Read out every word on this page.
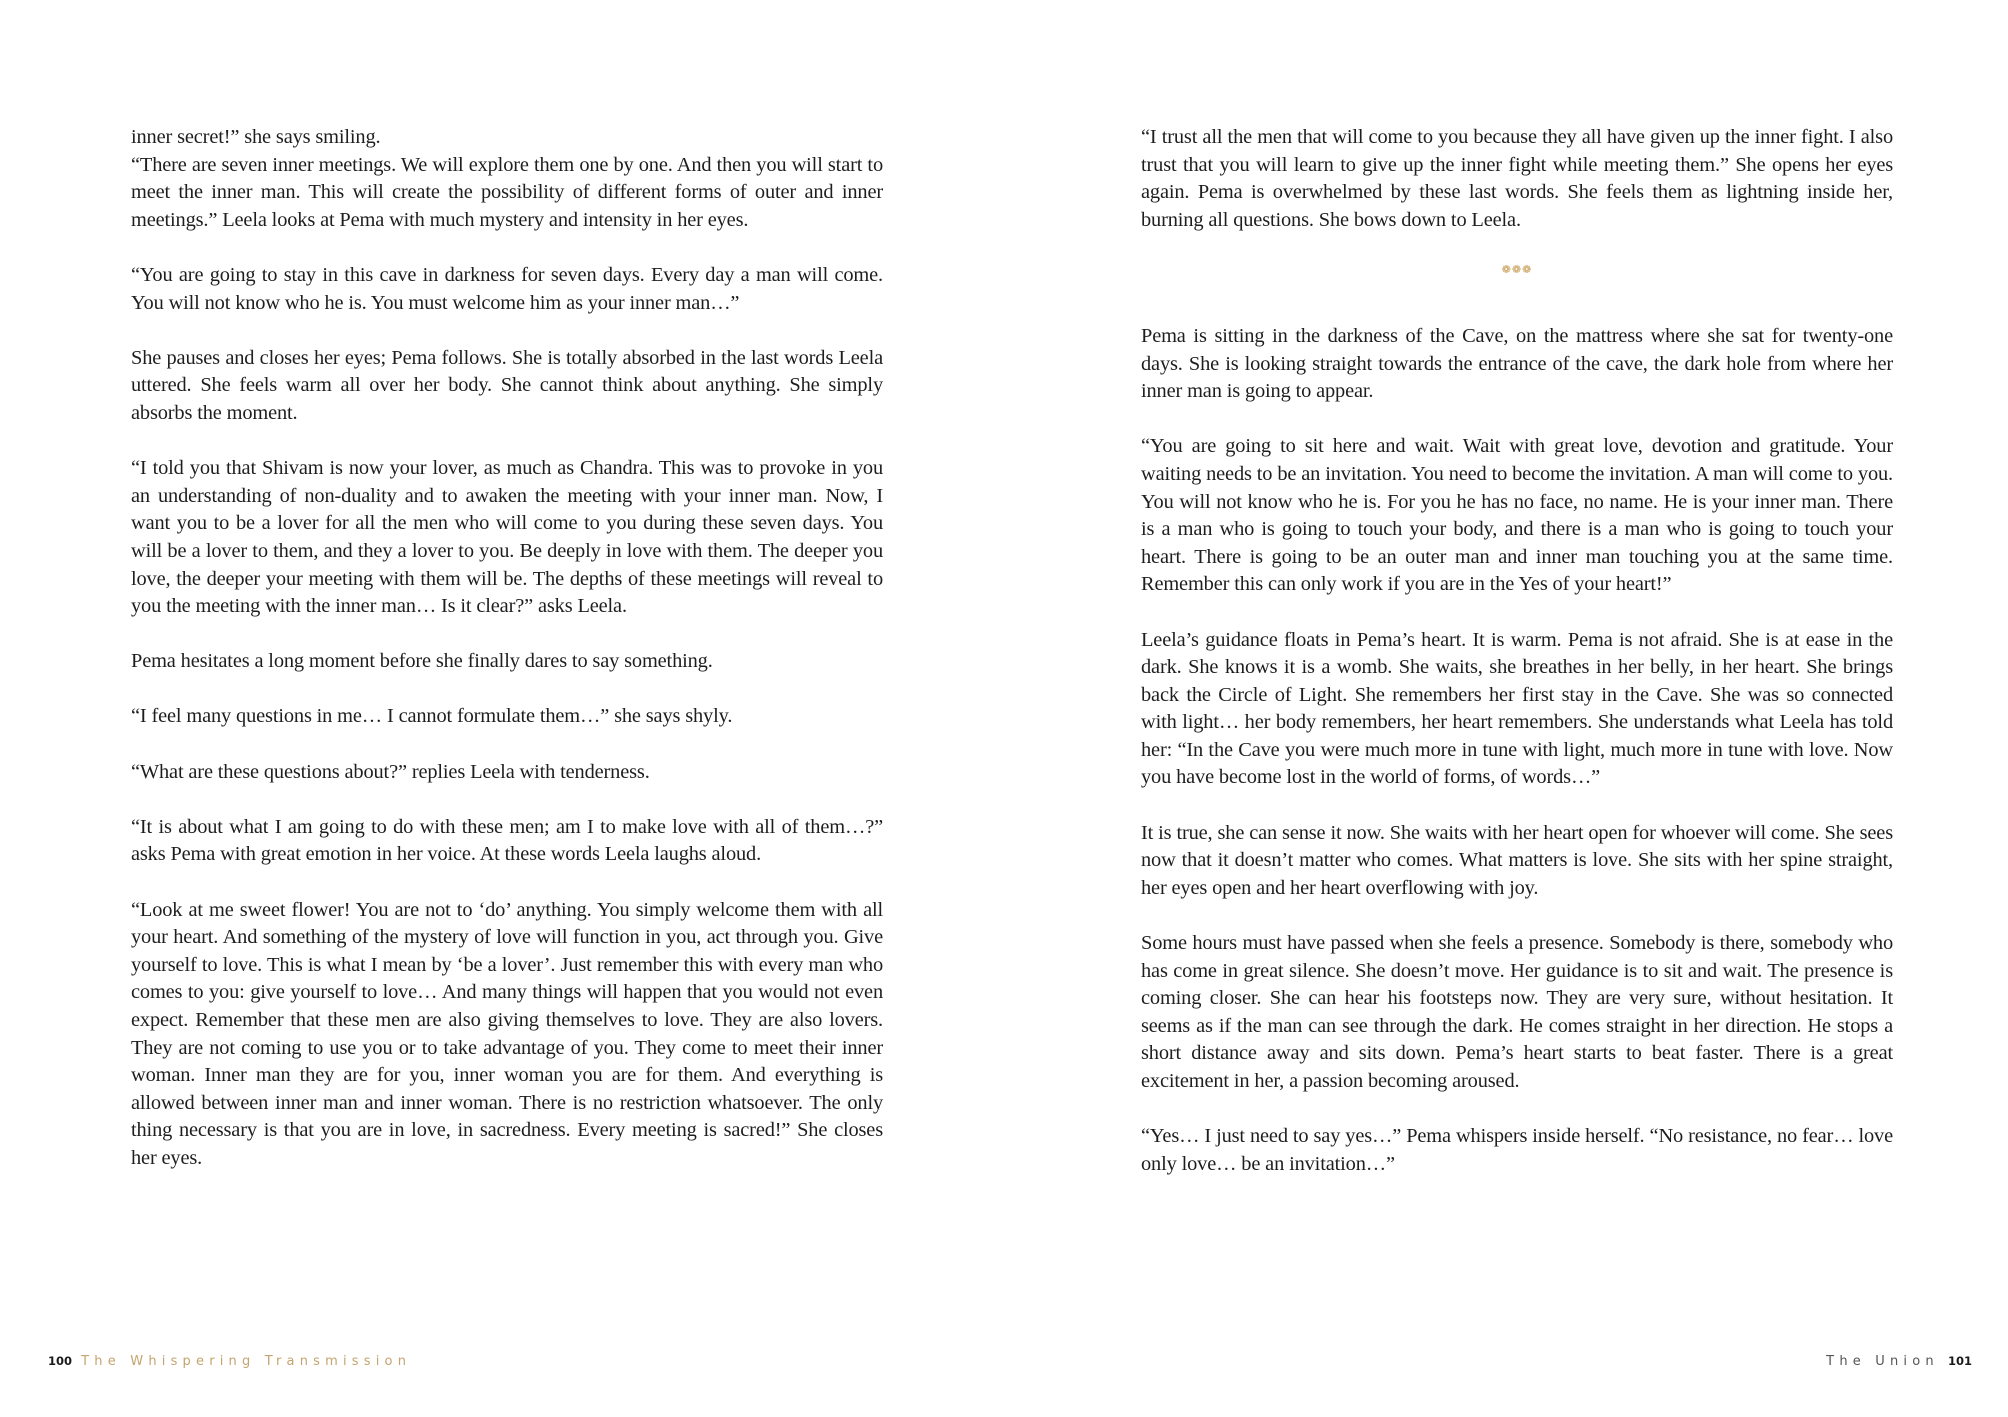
inner secret!” she says smiling.

“There are seven inner meetings. We will explore them one by one. And then you will start to meet the inner man. This will create the possibility of different forms of outer and inner meetings.” Leela looks at Pema with much mystery and intensity in her eyes.

“You are going to stay in this cave in darkness for seven days. Every day a man will come. You will not know who he is. You must welcome him as your inner man…”

She pauses and closes her eyes; Pema follows. She is totally absorbed in the last words Leela uttered. She feels warm all over her body. She cannot think about anything. She simply absorbs the moment.

“I told you that Shivam is now your lover, as much as Chandra. This was to provoke in you an understanding of non-duality and to awaken the meeting with your inner man. Now, I want you to be a lover for all the men who will come to you during these seven days. You will be a lover to them, and they a lover to you. Be deeply in love with them. The deeper you love, the deeper your meeting with them will be. The depths of these meetings will reveal to you the meeting with the inner man… Is it clear?” asks Leela.

Pema hesitates a long moment before she finally dares to say something.

“I feel many questions in me… I cannot formulate them…” she says shyly.

“What are these questions about?” replies Leela with tenderness.

“It is about what I am going to do with these men; am I to make love with all of them…?” asks Pema with great emotion in her voice. At these words Leela laughs aloud.

“Look at me sweet flower! You are not to ‘do’ anything. You simply welcome them with all your heart. And something of the mystery of love will function in you, act through you. Give yourself to love. This is what I mean by ‘be a lover’. Just remember this with every man who comes to you: give yourself to love… And many things will happen that you would not even expect. Remember that these men are also giving themselves to love. They are also lovers. They are not coming to use you or to take advantage of you. They come to meet their inner woman. Inner man they are for you, inner woman you are for them. And everything is allowed between inner man and inner woman. There is no restriction whatsoever. The only thing necessary is that you are in love, in sacredness. Every meeting is sacred!” She closes her eyes.

100 The Whispering Transmission

“I trust all the men that will come to you because they all have given up the inner fight. I also trust that you will learn to give up the inner fight while meeting them.” She opens her eyes again. Pema is overwhelmed by these last words. She feels them as lightning inside her, burning all questions. She bows down to Leela.

❁❁❁

Pema is sitting in the darkness of the Cave, on the mattress where she sat for twenty-one days. She is looking straight towards the entrance of the cave, the dark hole from where her inner man is going to appear.

“You are going to sit here and wait. Wait with great love, devotion and gratitude. Your waiting needs to be an invitation. You need to become the invitation. A man will come to you. You will not know who he is. For you he has no face, no name. He is your inner man. There is a man who is going to touch your body, and there is a man who is going to touch your heart. There is going to be an outer man and inner man touching you at the same time. Remember this can only work if you are in the Yes of your heart!”

Leela’s guidance floats in Pema’s heart. It is warm. Pema is not afraid. She is at ease in the dark. She knows it is a womb. She waits, she breathes in her belly, in her heart. She brings back the Circle of Light. She remembers her first stay in the Cave. She was so connected with light… her body remembers, her heart remembers. She understands what Leela has told her: “In the Cave you were much more in tune with light, much more in tune with love. Now you have become lost in the world of forms, of words…”

It is true, she can sense it now. She waits with her heart open for whoever will come. She sees now that it doesn’t matter who comes. What matters is love. She sits with her spine straight, her eyes open and her heart overflowing with joy.

Some hours must have passed when she feels a presence. Somebody is there, somebody who has come in great silence. She doesn’t move. Her guidance is to sit and wait. The presence is coming closer. She can hear his footsteps now. They are very sure, without hesitation. It seems as if the man can see through the dark. He comes straight in her direction. He stops a short distance away and sits down. Pema’s heart starts to beat faster. There is a great excitement in her, a passion becoming aroused.

“Yes… I just need to say yes…” Pema whispers inside herself. “No resistance, no fear… love only love… be an invitation…”

The Union 101
